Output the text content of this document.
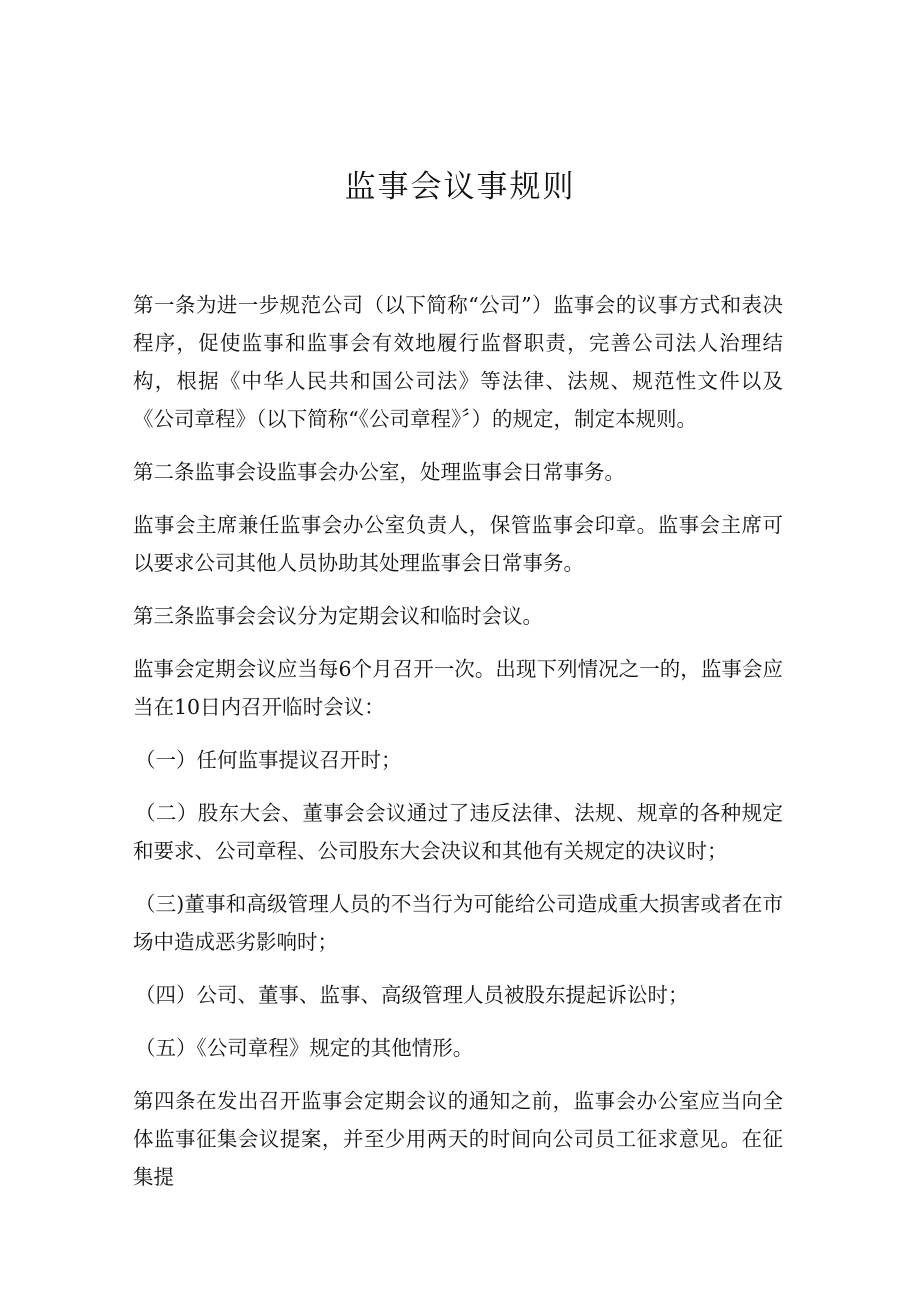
监事会议事规则

第一条为进一步规范公司（以下简称“公司”）监事会的议事方式和表决程序，促使监事和监事会有效地履行监督职责，完善公司法人治理结构，根据《中华人民共和国公司法》等法律、法规、规范性文件以及《公司章程》（以下简称“《公司章程》〞）的规定，制定本规则。

第二条监事会设监事会办公室，处理监事会日常事务。

监事会主席兼任监事会办公室负责人，保管监事会印章。监事会主席可以要求公司其他人员协助其处理监事会日常事务。

第三条监事会会议分为定期会议和临时会议。

监事会定期会议应当每6个月召开一次。出现下列情况之一的，监事会应当在10日内召开临时会议：

（一）任何监事提议召开时；

（二）股东大会、董事会会议通过了违反法律、法规、规章的各种规定和要求、公司章程、公司股东大会决议和其他有关规定的决议时；

（三)董事和高级管理人员的不当行为可能给公司造成重大损害或者在市场中造成恶劣影响时；

（四）公司、董事、监事、高级管理人员被股东提起诉讼时；

（五）《公司章程》规定的其他情形。

第四条在发出召开监事会定期会议的通知之前，监事会办公室应当向全体监事征集会议提案，并至少用两天的时间向公司员工征求意见。在征集提
